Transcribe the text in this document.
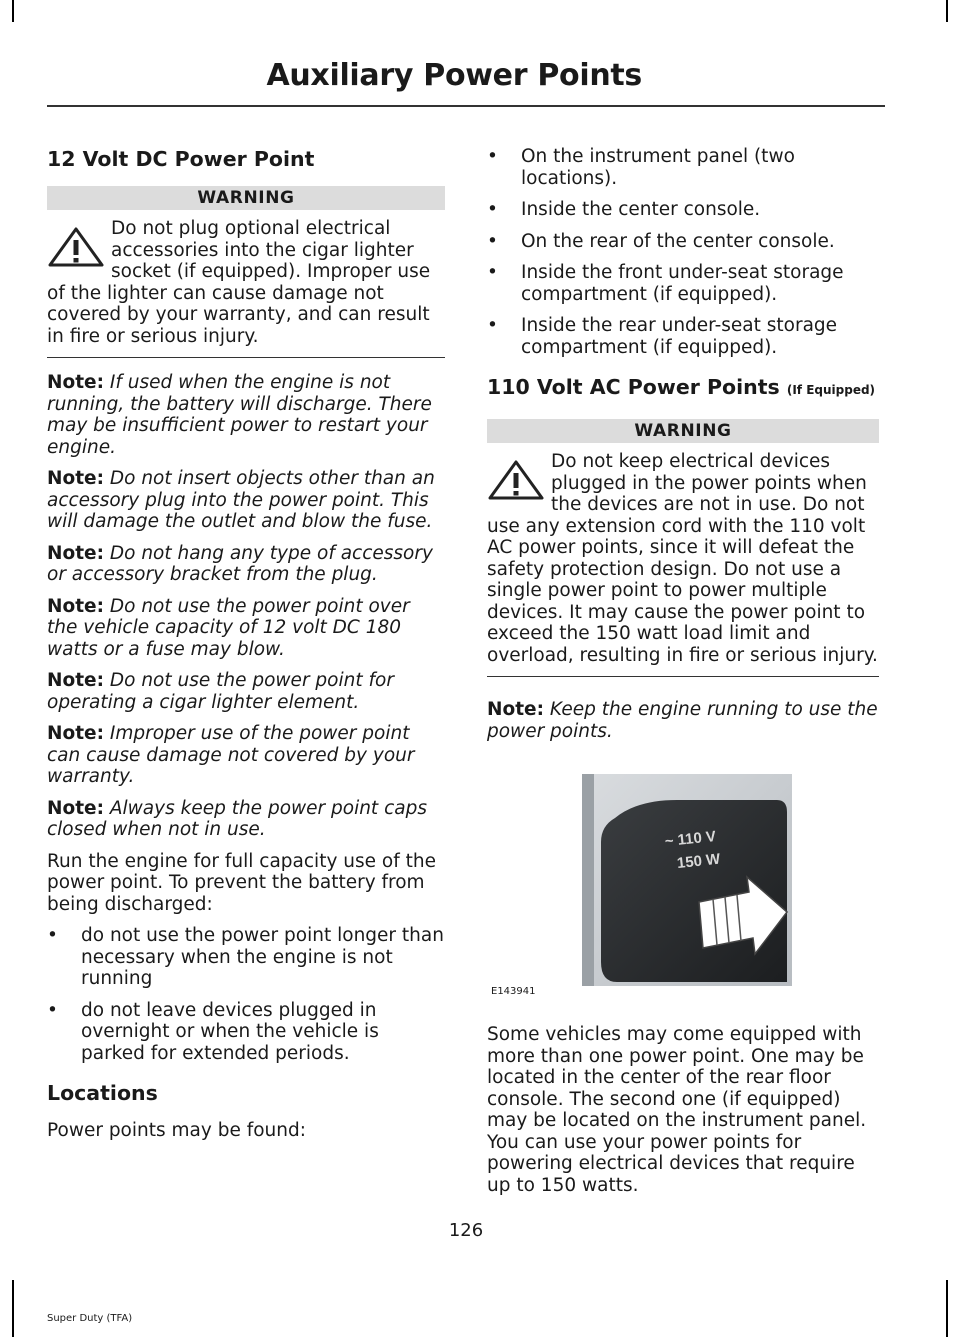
Auxiliary Power Points
12 Volt DC Power Point
WARNING

Do not plug optional electrical accessories into the cigar lighter socket (if equipped). Improper use of the lighter can cause damage not covered by your warranty, and can result in fire or serious injury.

Note: If used when the engine is not running, the battery will discharge. There may be insufficient power to restart your engine.

Note: Do not insert objects other than an accessory plug into the power point. This will damage the outlet and blow the fuse.

Note: Do not hang any type of accessory or accessory bracket from the plug.

Note: Do not use the power point over the vehicle capacity of 12 volt DC 180 watts or a fuse may blow.

Note: Do not use the power point for operating a cigar lighter element.

Note: Improper use of the power point can cause damage not covered by your warranty.

Note: Always keep the power point caps closed when not in use.

Run the engine for full capacity use of the power point. To prevent the battery from being discharged:

•	do not use the power point longer than necessary when the engine is not running
•	do not leave devices plugged in overnight or when the vehicle is parked for extended periods.
Locations

Power points may be found:

•	On the instrument panel (two locations).
•	Inside the center console.
•	On the rear of the center console.
•	Inside the front under-seat storage compartment (if equipped).
•	Inside the rear under-seat storage compartment (if equipped).
110 Volt AC Power Points (If Equipped)
WARNING

Do not keep electrical devices plugged in the power points when the devices are not in use. Do not use any extension cord with the 110 volt AC power points, since it will defeat the safety protection design. Do not use a single power point to power multiple devices. It may cause the power point to exceed the 150 watt load limit and overload, resulting in fire or serious injury.

Note: Keep the engine running to use the power points.

~ 110 V
150 W
E143941

Some vehicles may come equipped with more than one power point. One may be located in the center of the rear floor console. The second one (if equipped) may be located on the instrument panel. You can use your power points for powering electrical devices that require up to 150 watts.

126
Super Duty (TFA)
